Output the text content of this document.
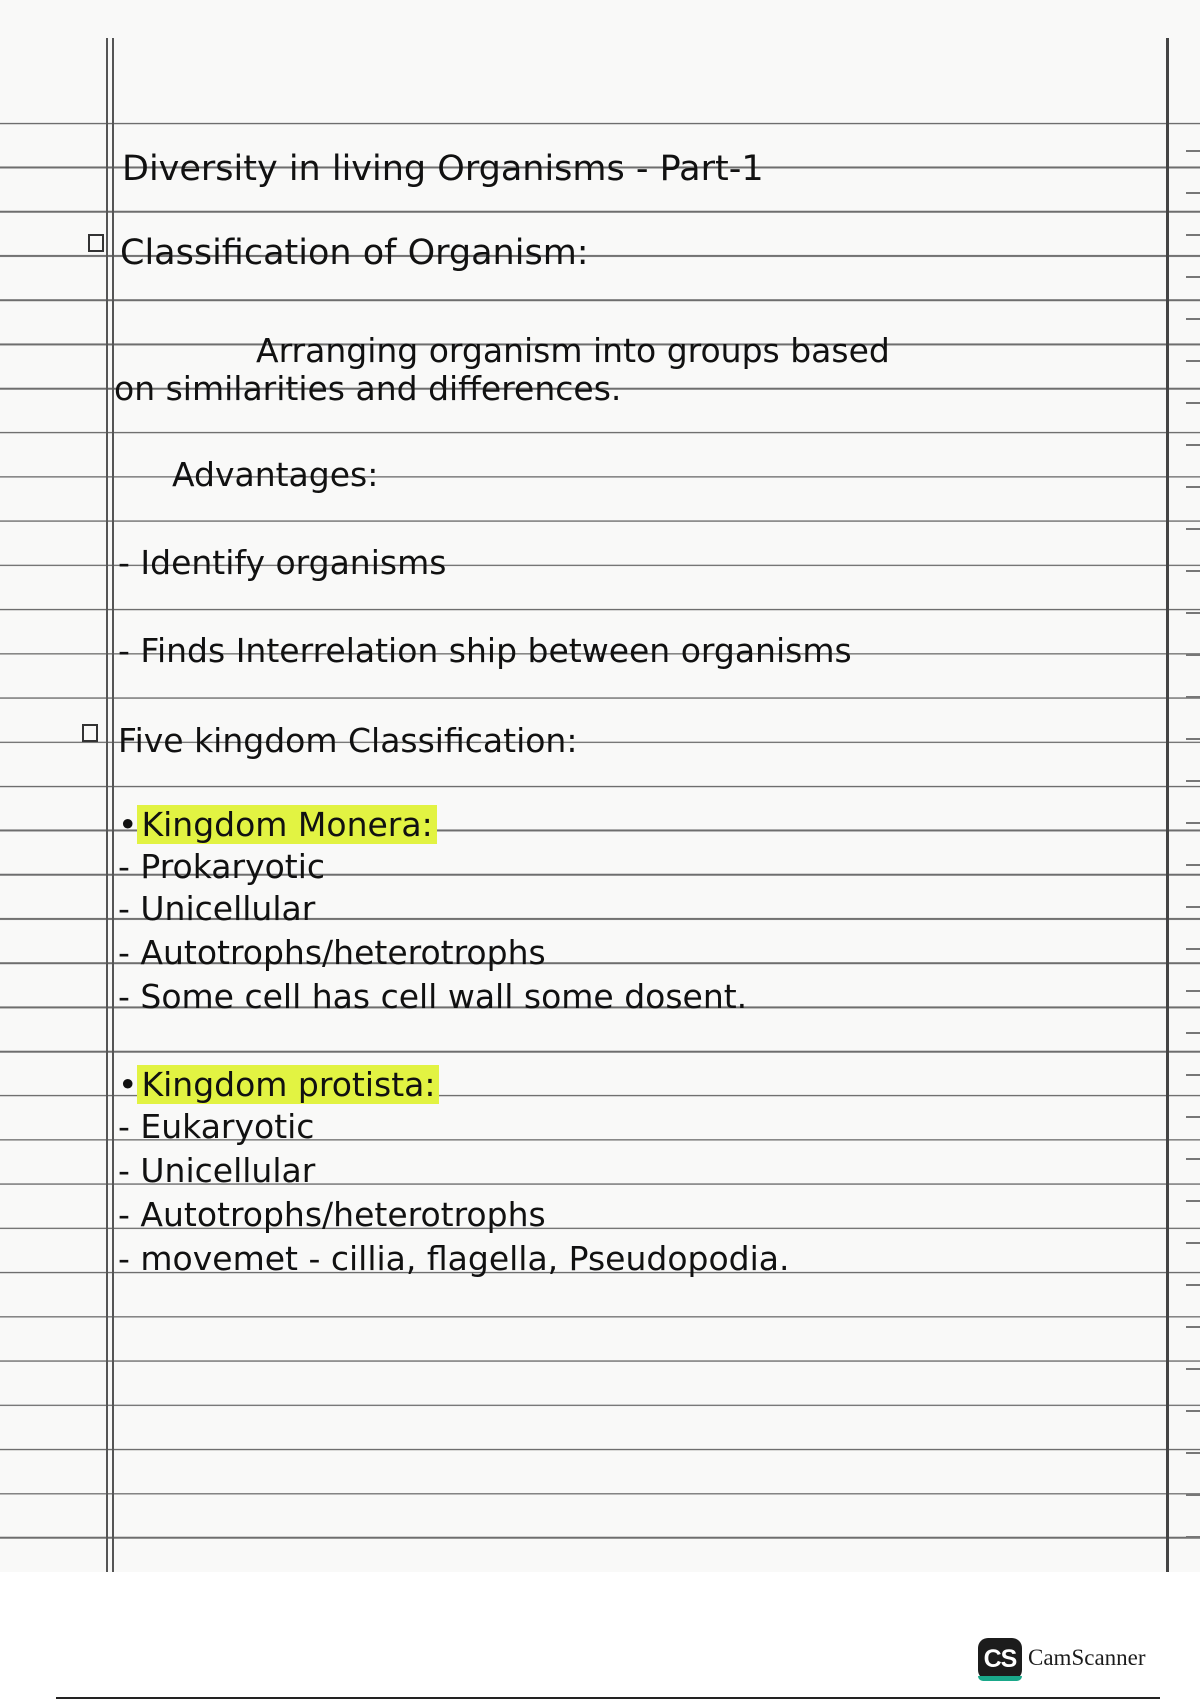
Diversity in living Organisms - Part-1
Classification of Organism:

Arranging organism into groups based

on similarities and differences.

Advantages:

- Identify organisms

- Finds Interrelation ship between organisms

Five kingdom Classification:
• Kingdom Monera:

- Prokaryotic

- Unicellular

- Autotrophs/heterotrophs

- Some cell has cell wall some dosent.

• Kingdom protista:

- Eukaryotic

- Unicellular

- Autotrophs/heterotrophs

- movemet - cillia, flagella, Pseudopodia.

CS CamScanner
